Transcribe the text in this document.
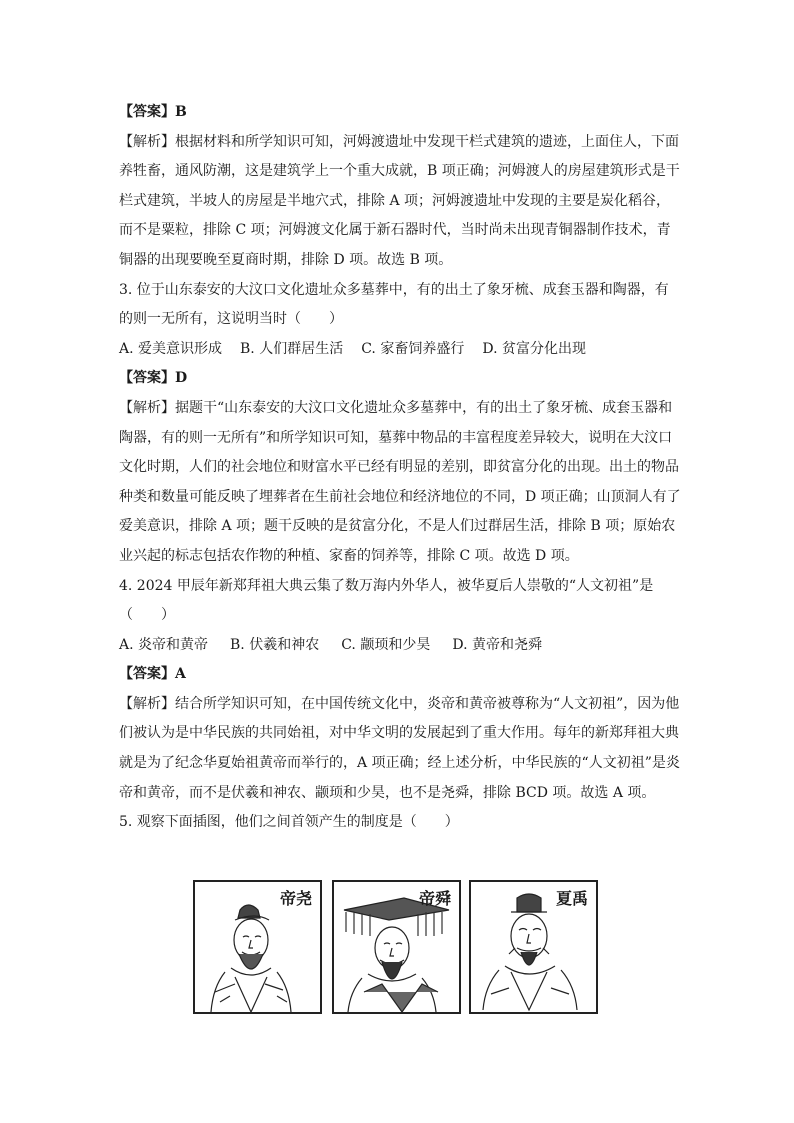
【答案】B
【解析】根据材料和所学知识可知，河姆渡遗址中发现干栏式建筑的遗迹，上面住人，下面
养牲畜，通风防潮，这是建筑学上一个重大成就，B 项正确；河姆渡人的房屋建筑形式是干
栏式建筑，半坡人的房屋是半地穴式，排除 A 项；河姆渡遗址中发现的主要是炭化稻谷，
而不是粟粒，排除 C 项；河姆渡文化属于新石器时代，当时尚未出现青铜器制作技术，青
铜器的出现要晚至夏商时期，排除 D 项。故选 B 项。
3. 位于山东泰安的大汶口文化遗址众多墓葬中，有的出土了象牙梳、成套玉器和陶器，有
的则一无所有，这说明当时（　　）
A. 爱美意识形成 B. 人们群居生活 C. 家畜饲养盛行 D. 贫富分化出现
【答案】D
【解析】据题干“山东泰安的大汶口文化遗址众多墓葬中，有的出土了象牙梳、成套玉器和
陶器，有的则一无所有”和所学知识可知，墓葬中物品的丰富程度差异较大，说明在大汶口
文化时期，人们的社会地位和财富水平已经有明显的差别，即贫富分化的出现。出土的物品
种类和数量可能反映了埋葬者在生前社会地位和经济地位的不同，D 项正确；山顶洞人有了
爱美意识，排除 A 项；题干反映的是贫富分化，不是人们过群居生活，排除 B 项；原始农
业兴起的标志包括农作物的种植、家畜的饲养等，排除 C 项。故选 D 项。
4. 2024 甲辰年新郑拜祖大典云集了数万海内外华人，被华夏后人崇敬的“人文初祖”是
（　　）
A. 炎帝和黄帝 B. 伏羲和神农 C. 颛顼和少昊 D. 黄帝和尧舜
【答案】A
【解析】结合所学知识可知，在中国传统文化中，炎帝和黄帝被尊称为“人文初祖”，因为他
们被认为是中华民族的共同始祖，对中华文明的发展起到了重大作用。每年的新郑拜祖大典
就是为了纪念华夏始祖黄帝而举行的，A 项正确；经上述分析，中华民族的“人文初祖”是炎
帝和黄帝，而不是伏羲和神农、颛顼和少昊，也不是尧舜，排除 BCD 项。故选 A 项。
5. 观察下面插图，他们之间首领产生的制度是（　　）
帝尧	帝舜	夏禹
